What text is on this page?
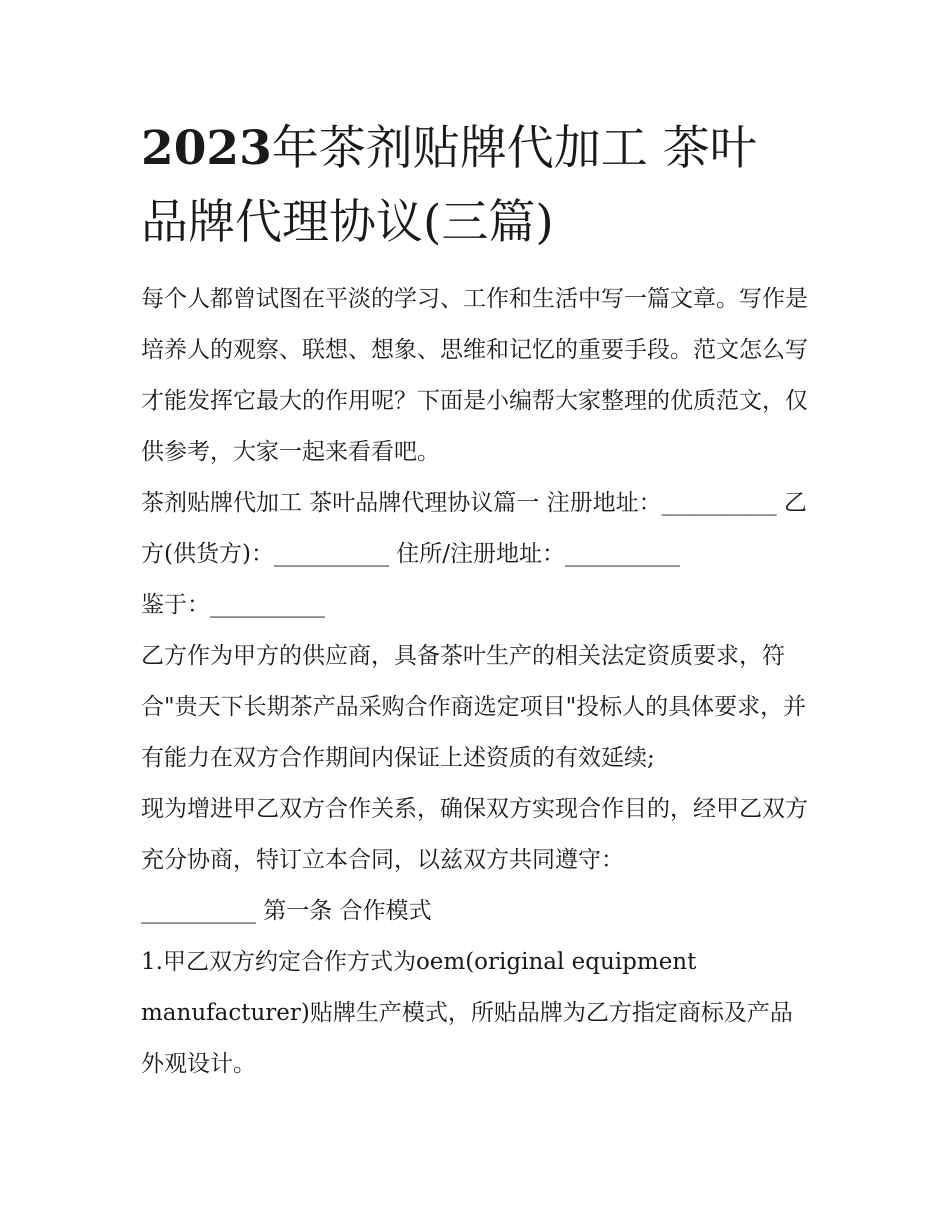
2023年茶剂贴牌代加工 茶叶
品牌代理协议(三篇)

每个人都曾试图在平淡的学习、工作和生活中写一篇文章。写作是培养人的观察、联想、想象、思维和记忆的重要手段。范文怎么写才能发挥它最大的作用呢？下面是小编帮大家整理的优质范文，仅供参考，大家一起来看看吧。

茶剂贴牌代加工 茶叶品牌代理协议篇一 注册地址：__________ 乙方(供货方)：__________ 住所/注册地址：__________

鉴于：__________

乙方作为甲方的供应商，具备茶叶生产的相关法定资质要求，符合"贵天下长期茶产品采购合作商选定项目"投标人的具体要求，并有能力在双方合作期间内保证上述资质的有效延续;

现为增进甲乙双方合作关系，确保双方实现合作目的，经甲乙双方充分协商，特订立本合同，以兹双方共同遵守：

__________ 第一条 合作模式

1.甲乙双方约定合作方式为oem(original equipment manufacturer)贴牌生产模式，所贴品牌为乙方指定商标及产品外观设计。
